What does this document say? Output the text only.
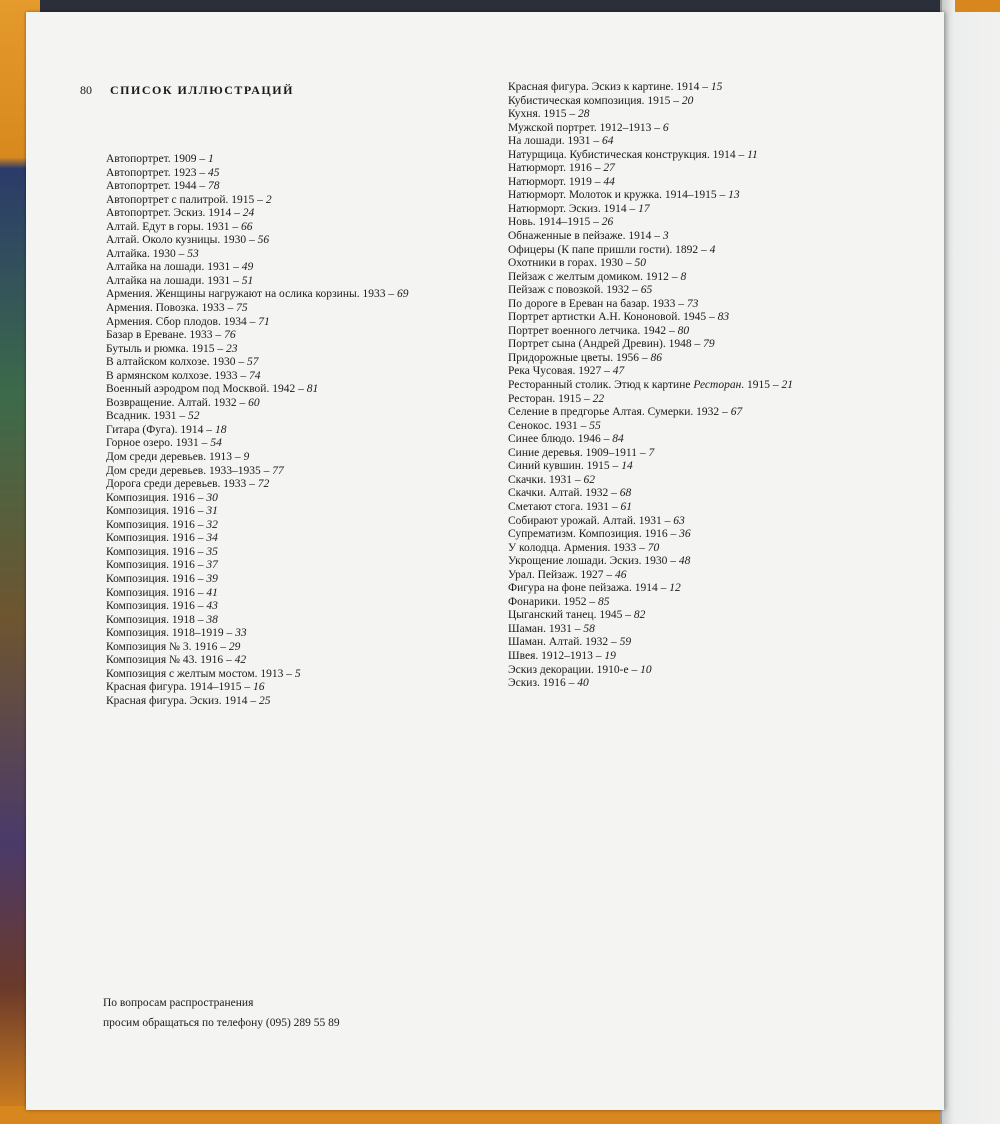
80 СПИСОК ИЛЛЮСТРАЦИЙ
Автопортрет. 1909 – 1
Автопортрет. 1923 – 45
Автопортрет. 1944 – 78
Автопортрет с палитрой. 1915 – 2
Автопортрет. Эскиз. 1914 – 24
Алтай. Едут в горы. 1931 – 66
Алтай. Около кузницы. 1930 – 56
Алтайка. 1930 – 53
Алтайка на лошади. 1931 – 49
Алтайка на лошади. 1931 – 51
Армения. Женщины нагружают на ослика корзины. 1933 – 69
Армения. Повозка. 1933 – 75
Армения. Сбор плодов. 1934 – 71
Базар в Ереване. 1933 – 76
Бутыль и рюмка. 1915 – 23
В алтайском колхозе. 1930 – 57
В армянском колхозе. 1933 – 74
Военный аэродром под Москвой. 1942 – 81
Возвращение. Алтай. 1932 – 60
Всадник. 1931 – 52
Гитара (Фуга). 1914 – 18
Горное озеро. 1931 – 54
Дом среди деревьев. 1913 – 9
Дом среди деревьев. 1933–1935 – 77
Дорога среди деревьев. 1933 – 72
Композиция. 1916 – 30
Композиция. 1916 – 31
Композиция. 1916 – 32
Композиция. 1916 – 34
Композиция. 1916 – 35
Композиция. 1916 – 37
Композиция. 1916 – 39
Композиция. 1916 – 41
Композиция. 1916 – 43
Композиция. 1918 – 38
Композиция. 1918–1919 – 33
Композиция № 3. 1916 – 29
Композиция № 43. 1916 – 42
Композиция с желтым мостом. 1913 – 5
Красная фигура. 1914–1915 – 16
Красная фигура. Эскиз. 1914 – 25
Красная фигура. Эскиз к картине. 1914 – 15
Кубистическая композиция. 1915 – 20
Кухня. 1915 – 28
Мужской портрет. 1912–1913 – 6
На лошади. 1931 – 64
Натурщица. Кубистическая конструкция. 1914 – 11
Натюрморт. 1916 – 27
Натюрморт. 1919 – 44
Натюрморт. Молоток и кружка. 1914–1915 – 13
Натюрморт. Эскиз. 1914 – 17
Новь. 1914–1915 – 26
Обнаженные в пейзаже. 1914 – 3
Офицеры (К папе пришли гости). 1892 – 4
Охотники в горах. 1930 – 50
Пейзаж с желтым домиком. 1912 – 8
Пейзаж с повозкой. 1932 – 65
По дороге в Ереван на базар. 1933 – 73
Портрет артистки А.Н. Кононовой. 1945 – 83
Портрет военного летчика. 1942 – 80
Портрет сына (Андрей Древин). 1948 – 79
Придорожные цветы. 1956 – 86
Река Чусовая. 1927 – 47
Ресторанный столик. Этюд к картине Ресторан. 1915 – 21
Ресторан. 1915 – 22
Селение в предгорье Алтая. Сумерки. 1932 – 67
Сенокос. 1931 – 55
Синее блюдо. 1946 – 84
Синие деревья. 1909–1911 – 7
Синий кувшин. 1915 – 14
Скачки. 1931 – 62
Скачки. Алтай. 1932 – 68
Сметают стога. 1931 – 61
Собирают урожай. Алтай. 1931 – 63
Супрематизм. Композиция. 1916 – 36
У колодца. Армения. 1933 – 70
Укрощение лошади. Эскиз. 1930 – 48
Урал. Пейзаж. 1927 – 46
Фигура на фоне пейзажа. 1914 – 12
Фонарики. 1952 – 85
Цыганский танец. 1945 – 82
Шаман. 1931 – 58
Шаман. Алтай. 1932 – 59
Швея. 1912–1913 – 19
Эскиз декорации. 1910-е – 10
Эскиз. 1916 – 40
По вопросам распространения
просим обращаться по телефону (095) 289 55 89
